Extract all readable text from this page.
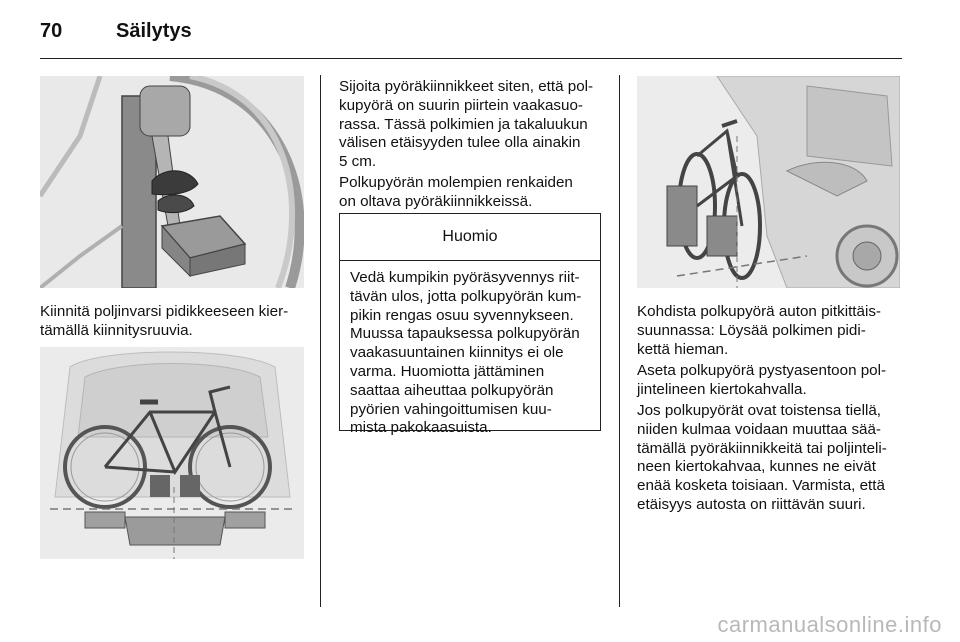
70	Säilytys

Kiinnitä poljinvarsi pidikkeeseen kier-
tämällä kiinnitysruuvia.

Sijoita pyöräkiinnikkeet siten, että pol-
kupyörä on suurin piirtein vaakasuo-
rassa. Tässä polkimien ja takaluukun
välisen etäisyyden tulee olla ainakin
5 cm.

Polkupyörän molempien renkaiden
on oltava pyöräkiinnikkeissä.

Huomio

Vedä kumpikin pyöräsyvennys riit-
tävän ulos, jotta polkupyörän kum-
pikin rengas osuu syvennykseen.
Muussa tapauksessa polkupyörän
vaakasuuntainen kiinnitys ei ole
varma. Huomiotta jättäminen
saattaa aiheuttaa polkupyörän
pyörien vahingoittumisen kuu-
mista pakokaasuista.

Kohdista polkupyörä auton pitkittäis-
suunnassa: Löysää polkimen pidi-
kettä hieman.

Aseta polkupyörä pystyasentoon pol-
jintelineen kiertokahvalla.

Jos polkupyörät ovat toistensa tiellä,
niiden kulmaa voidaan muuttaa sää-
tämällä pyöräkiinnikkeitä tai poljinteli-
neen kiertokahvaa, kunnes ne eivät
enää kosketa toisiaan. Varmista, että
etäisyys autosta on riittävän suuri.

carmanualsonline.info
